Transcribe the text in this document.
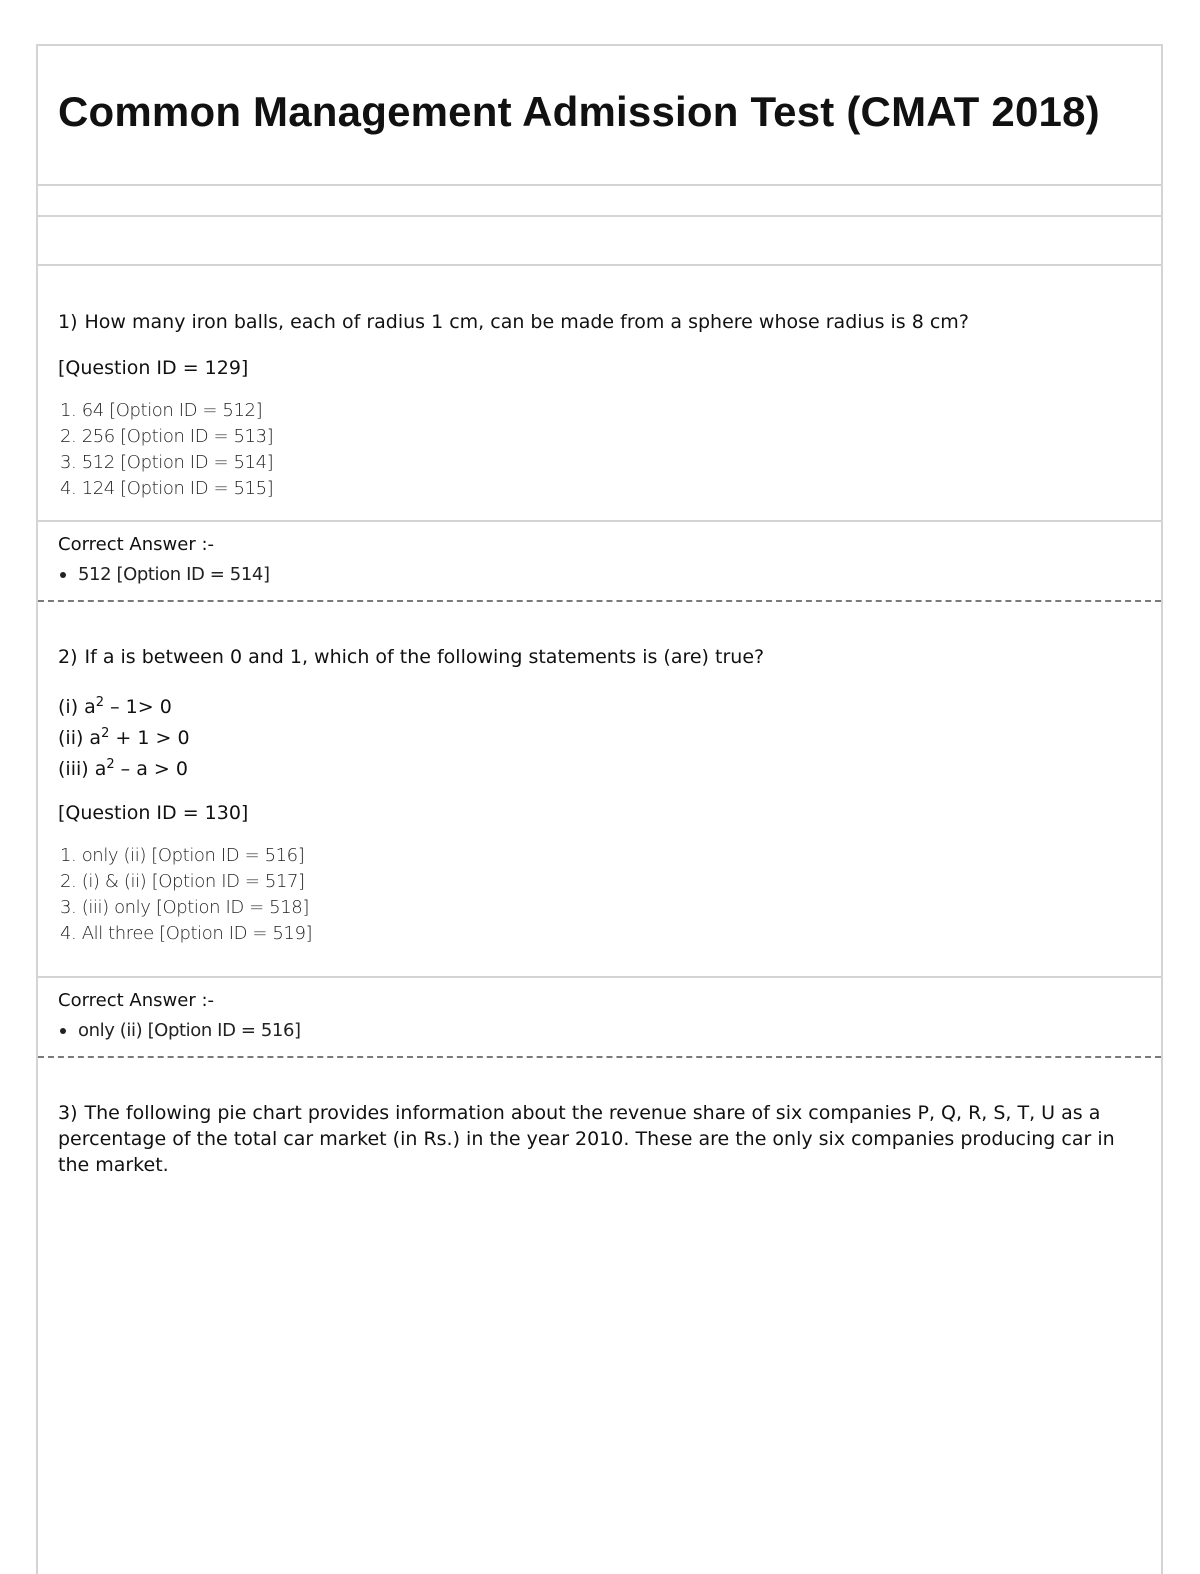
Common Management Admission Test (CMAT 2018)

1) How many iron balls, each of radius 1 cm, can be made from a sphere whose radius is 8 cm?

[Question ID = 129]
1. 64 [Option ID = 512]
2. 256 [Option ID = 513]
3. 512 [Option ID = 514]
4. 124 [Option ID = 515]

Correct Answer :-

512 [Option ID = 514]

2) If a is between 0 and 1, which of the following statements is (are) true?

(i) $a^2 - 1> 0$
(ii) $a^2 + 1 > 0$
(iii) $a^2 - a > 0$
[Question ID = 130]
1. only (ii) [Option ID = 516]
2. (i) & (ii) [Option ID = 517]
3. (iii) only [Option ID = 518]
4. All three [Option ID = 519]

Correct Answer :-

only (ii) [Option ID = 516]

3) The following pie chart provides information about the revenue share of six companies P, Q, R, S, T, U as a percentage of the total car market (in Rs.) in the year 2010. These are the only six companies producing car in the market.
